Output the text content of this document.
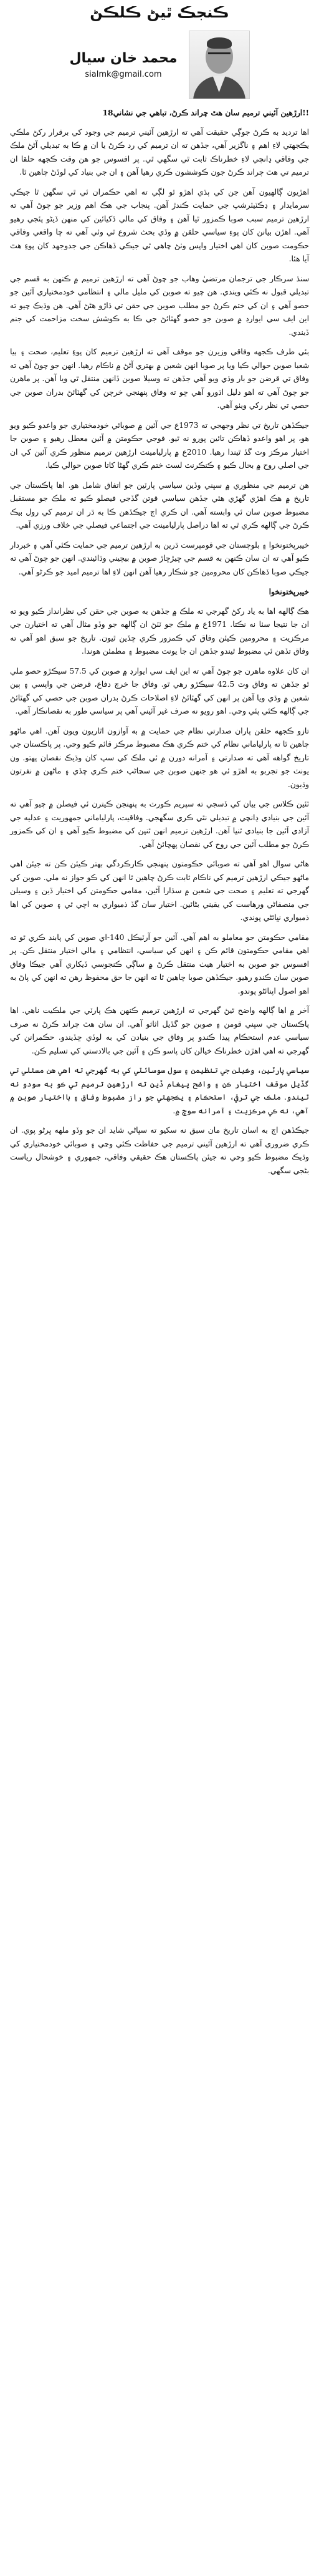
ڪنجڪ ٿيڻ ڪلڪڻ
محمد خان سيال
sialmk@gmail.com

!!ارڙهين آئيني ترميم سان هٿ چراند ڪرڻ، تباهي جي نشاني18

اها ترديد به ڪرڻ جوڳي حقيقت آهي ته ارڙهين آئيني ترميم جي وجود کي برقرار رکڻ ملڪي يڪجهتي لاءِ اهم ۽ ناگزير آهي، جڏهن ته ان ترميم کي رد ڪرڻ يا ان ۾ ڪا به تبديلي آڻڻ ملڪ جي وفاقي ڍانچي لاءِ خطرناڪ ثابت ٿي سگهي ٿي. پر افسوس جو هن وقت ڪجهه حلقا ان ترميم تي هٿ چراند ڪرڻ جون ڪوششون ڪري رهيا آهن ۽ ان جي بنياد کي لوڏڻ چاهين ٿا.

اهڙيون ڳالهيون آهن جن کي ٻڌي اهڙو ٿو لڳي ته اهي حڪمران ئي ٿي سگهن ٿا جيڪي سرمايدار ۽ ڊڪٽيٽرشپ جي حمايت ڪندڙ آهن. پنجاب جي هڪ اهم وزير جو چوڻ آهي ته ارڙهين ترميم سبب صوبا ڪمزور ٿيا آهن ۽ وفاق کي مالي ڏکيائين کي منهن ڏيڻو پئجي رهيو آهي. اهڙن بيانن کان پوءِ سياسي حلقن ۾ وڏي بحث شروع ٿي وئي آهي ته ڇا واقعي وفاقي حڪومت صوبن کان اهي اختيار واپس وٺڻ چاهي ٿي جيڪي ڏهاڪن جي جدوجهد کان پوءِ هٿ آيا هئا.

سنڌ سرڪار جي ترجمان مرتضيٰ وهاب جو چوڻ آهي ته ارڙهين ترميم ۾ ڪنهن به قسم جي تبديلي قبول نه ڪئي ويندي. هن چيو ته صوبن کي مليل مالي ۽ انتظامي خودمختياري آئين جو حصو آهي ۽ ان کي ختم ڪرڻ جو مطلب صوبن جي حقن تي ڌاڙو هڻڻ آهي. هن وڌيڪ چيو ته اين ايف سي ايوارڊ ۾ صوبن جو حصو گهٽائڻ جي ڪا به ڪوشش سخت مزاحمت کي جنم ڏيندي.

ٻئي طرف ڪجهه وفاقي وزيرن جو موقف آهي ته ارڙهين ترميم کان پوءِ تعليم، صحت ۽ ٻيا شعبا صوبن حوالي ڪيا ويا پر صوبا انهن شعبن ۾ بهتري آڻڻ ۾ ناڪام رهيا. انهن جو چوڻ آهي ته وفاق تي قرضن جو بار وڌي ويو آهي جڏهن ته وسيلا صوبن ڏانهن منتقل ٿي ويا آهن. پر ماهرن جو چوڻ آهي ته اهو دليل اڌورو آهي ڇو ته وفاق پنهنجي خرچن کي گهٽائڻ بدران صوبن جي حصي تي نظر رکي ويٺو آهي.

جيڪڏهن تاريخ تي نظر وجهجي ته 1973ع جي آئين ۾ صوبائي خودمختياري جو واعدو ڪيو ويو هو، پر اهو واعدو ڏهاڪن تائين پورو نه ٿيو. فوجي حڪومتن ۾ آئين معطل رهيو ۽ صوبن جا اختيار مرڪز وٽ گڏ ٿيندا رهيا. 2010ع ۾ پارليامينٽ ارڙهين ترميم منظور ڪري آئين کي ان جي اصلي روح ۾ بحال ڪيو ۽ ڪنڪرنٽ لسٽ ختم ڪري گهڻا کاتا صوبن حوالي ڪيا.

هن ترميم جي منظوري ۾ سڀني وڏين سياسي پارٽين جو اتفاق شامل هو. اها پاڪستان جي تاريخ ۾ هڪ اهڙي گهڙي هئي جڏهن سياسي قوتن گڏجي فيصلو ڪيو ته ملڪ جو مستقبل مضبوط صوبن سان ئي وابسته آهي. ان ڪري اڄ جيڪڏهن ڪا به ڌر ان ترميم کي رول بيڪ ڪرڻ جي ڳالهه ڪري ٿي ته اها دراصل پارليامينٽ جي اجتماعي فيصلي جي خلاف ورزي آهي.

خيبرپختونخوا ۽ بلوچستان جي قومپرست ڌرين به ارڙهين ترميم جي حمايت ڪئي آهي ۽ خبردار ڪيو آهي ته ان سان ڪنهن به قسم جي ڇيڙڇاڙ صوبن ۾ بيچيني وڌائيندي. انهن جو چوڻ آهي ته جيڪي صوبا ڏهاڪن کان محرومين جو شڪار رهيا آهن انهن لاءِ اها ترميم اميد جو ڪرڻو آهي.

خيبرپختونخوا

هڪ ڳالهه اها به ياد رکڻ گهرجي ته ملڪ ۾ جڏهن به صوبن جي حقن کي نظرانداز ڪيو ويو ته ان جا نتيجا سٺا نه نڪتا. 1971ع ۾ ملڪ جو ٽٽڻ ان ڳالهه جو وڏو مثال آهي ته اختيارن جي مرڪزيت ۽ محرومين ڪيئن وفاق کي ڪمزور ڪري ڇڏين ٿيون. تاريخ جو سبق اهو آهي ته وفاق تڏهن ئي مضبوط ٿيندو جڏهن ان جا يونٽ مضبوط ۽ مطمئن هوندا.

ان کان علاوه ماهرن جو چوڻ آهي ته اين ايف سي ايوارڊ ۾ صوبن کي 57.5 سيڪڙو حصو ملي ٿو جڏهن ته وفاق وٽ 42.5 سيڪڙو رهي ٿو. وفاق جا خرچ دفاع، قرضن جي واپسي ۽ ٻين شعبن ۾ وڌي ويا آهن پر انهن کي گهٽائڻ لاءِ اصلاحات ڪرڻ بدران صوبن جي حصي کي گهٽائڻ جي ڳالهه ڪئي پئي وڃي. اهو رويو نه صرف غير آئيني آهي پر سياسي طور به نقصانڪار آهي.

تازو ڪجهه حلقن پاران صدارتي نظام جي حمايت ۾ به آوازون اٿاريون ويون آهن. اهي ماڻهو چاهين ٿا ته پارلياماني نظام کي ختم ڪري هڪ مضبوط مرڪز قائم ڪيو وڃي. پر پاڪستان جي تاريخ گواهه آهي ته صدارتي ۽ آمرانه دورن ۾ ئي ملڪ کي سڀ کان وڌيڪ نقصان پهتو. ون يونٽ جو تجربو به اهڙو ئي هو جنهن صوبن جي سڃاڻپ ختم ڪري ڇڏي ۽ ماڻهن ۾ نفرتون وڌيون.

ٽئين ڪلاس جي بيان کي ڏسجي ته سپريم ڪورٽ به پنهنجن ڪيترن ئي فيصلن ۾ چيو آهي ته آئين جي بنيادي ڍانچي ۾ تبديلي نٿي ڪري سگهجي. وفاقيت، پارلياماني جمهوريت ۽ عدليه جي آزادي آئين جا بنيادي ٿنڀا آهن. ارڙهين ترميم انهن ٿنڀن کي مضبوط ڪيو آهي ۽ ان کي ڪمزور ڪرڻ جو مطلب آئين جي روح کي نقصان پهچائڻ آهي.

هاڻي سوال اهو آهي ته صوبائي حڪومتون پنهنجي ڪارڪردگي بهتر ڪيئن ڪن ته جيئن اهي ماڻهو جيڪي ارڙهين ترميم کي ناڪام ثابت ڪرڻ چاهين ٿا انهن کي ڪو جواز نه ملي. صوبن کي گهرجي ته تعليم ۽ صحت جي شعبن ۾ سڌارا آڻين، مقامي حڪومتن کي اختيار ڏين ۽ وسيلن جي منصفاڻي ورهاست کي يقيني بڻائين. اختيار سان گڏ ذميواري به اچي ٿي ۽ صوبن کي اها ذميواري نڀائڻي پوندي.

مقامي حڪومتن جو معاملو به اهم آهي. آئين جو آرٽيڪل 140-اي صوبن کي پابند ڪري ٿو ته اهي مقامي حڪومتون قائم ڪن ۽ انهن کي سياسي، انتظامي ۽ مالي اختيار منتقل ڪن. پر افسوس جو صوبن به اختيار هيٺ منتقل ڪرڻ ۾ ساڳي ڪنجوسي ڏيکاري آهي جيڪا وفاق صوبن سان ڪندو رهيو. جيڪڏهن صوبا چاهين ٿا ته انهن جا حق محفوظ رهن ته انهن کي پاڻ به اهو اصول اپنائڻو پوندو.

آخر ۾ اها ڳالهه واضح ٿيڻ گهرجي ته ارڙهين ترميم ڪنهن هڪ پارٽي جي ملڪيت ناهي. اها پاڪستان جي سڀني قومن ۽ صوبن جو گڏيل اثاثو آهي. ان سان هٿ چراند ڪرڻ نه صرف سياسي عدم استحڪام پيدا ڪندو پر وفاق جي بنيادن کي به لوڏي ڇڏيندو. حڪمرانن کي گهرجي ته اهي اهڙن خطرناڪ خيالن کان پاسو ڪن ۽ آئين جي بالادستي کي تسليم ڪن.

سياسي پارٽين، وڪيلن جي تنظيمن ۽ سول سوسائٽي کي به گهرجي ته اهي هن مسئلي تي گڏيل موقف اختيار ڪن ۽ واضح پيغام ڏين ته ارڙهين ترميم تي ڪو به سودو نه ٿيندو. ملڪ جي ترقي، استحڪام ۽ يڪجهتي جو راز مضبوط وفاق ۽ بااختيار صوبن ۾ آهي، نه ڪي مرڪزيت ۽ آمرانه سوچ ۾.

جيڪڏهن اڄ به اسان تاريخ مان سبق نه سکيو ته سڀاڻي شايد ان جو وڏو ملهه ڀرڻو پوي. ان ڪري ضروري آهي ته ارڙهين آئيني ترميم جي حفاظت ڪئي وڃي ۽ صوبائي خودمختياري کي وڌيڪ مضبوط ڪيو وڃي ته جيئن پاڪستان هڪ حقيقي وفاقي، جمهوري ۽ خوشحال رياست بڻجي سگهي.
